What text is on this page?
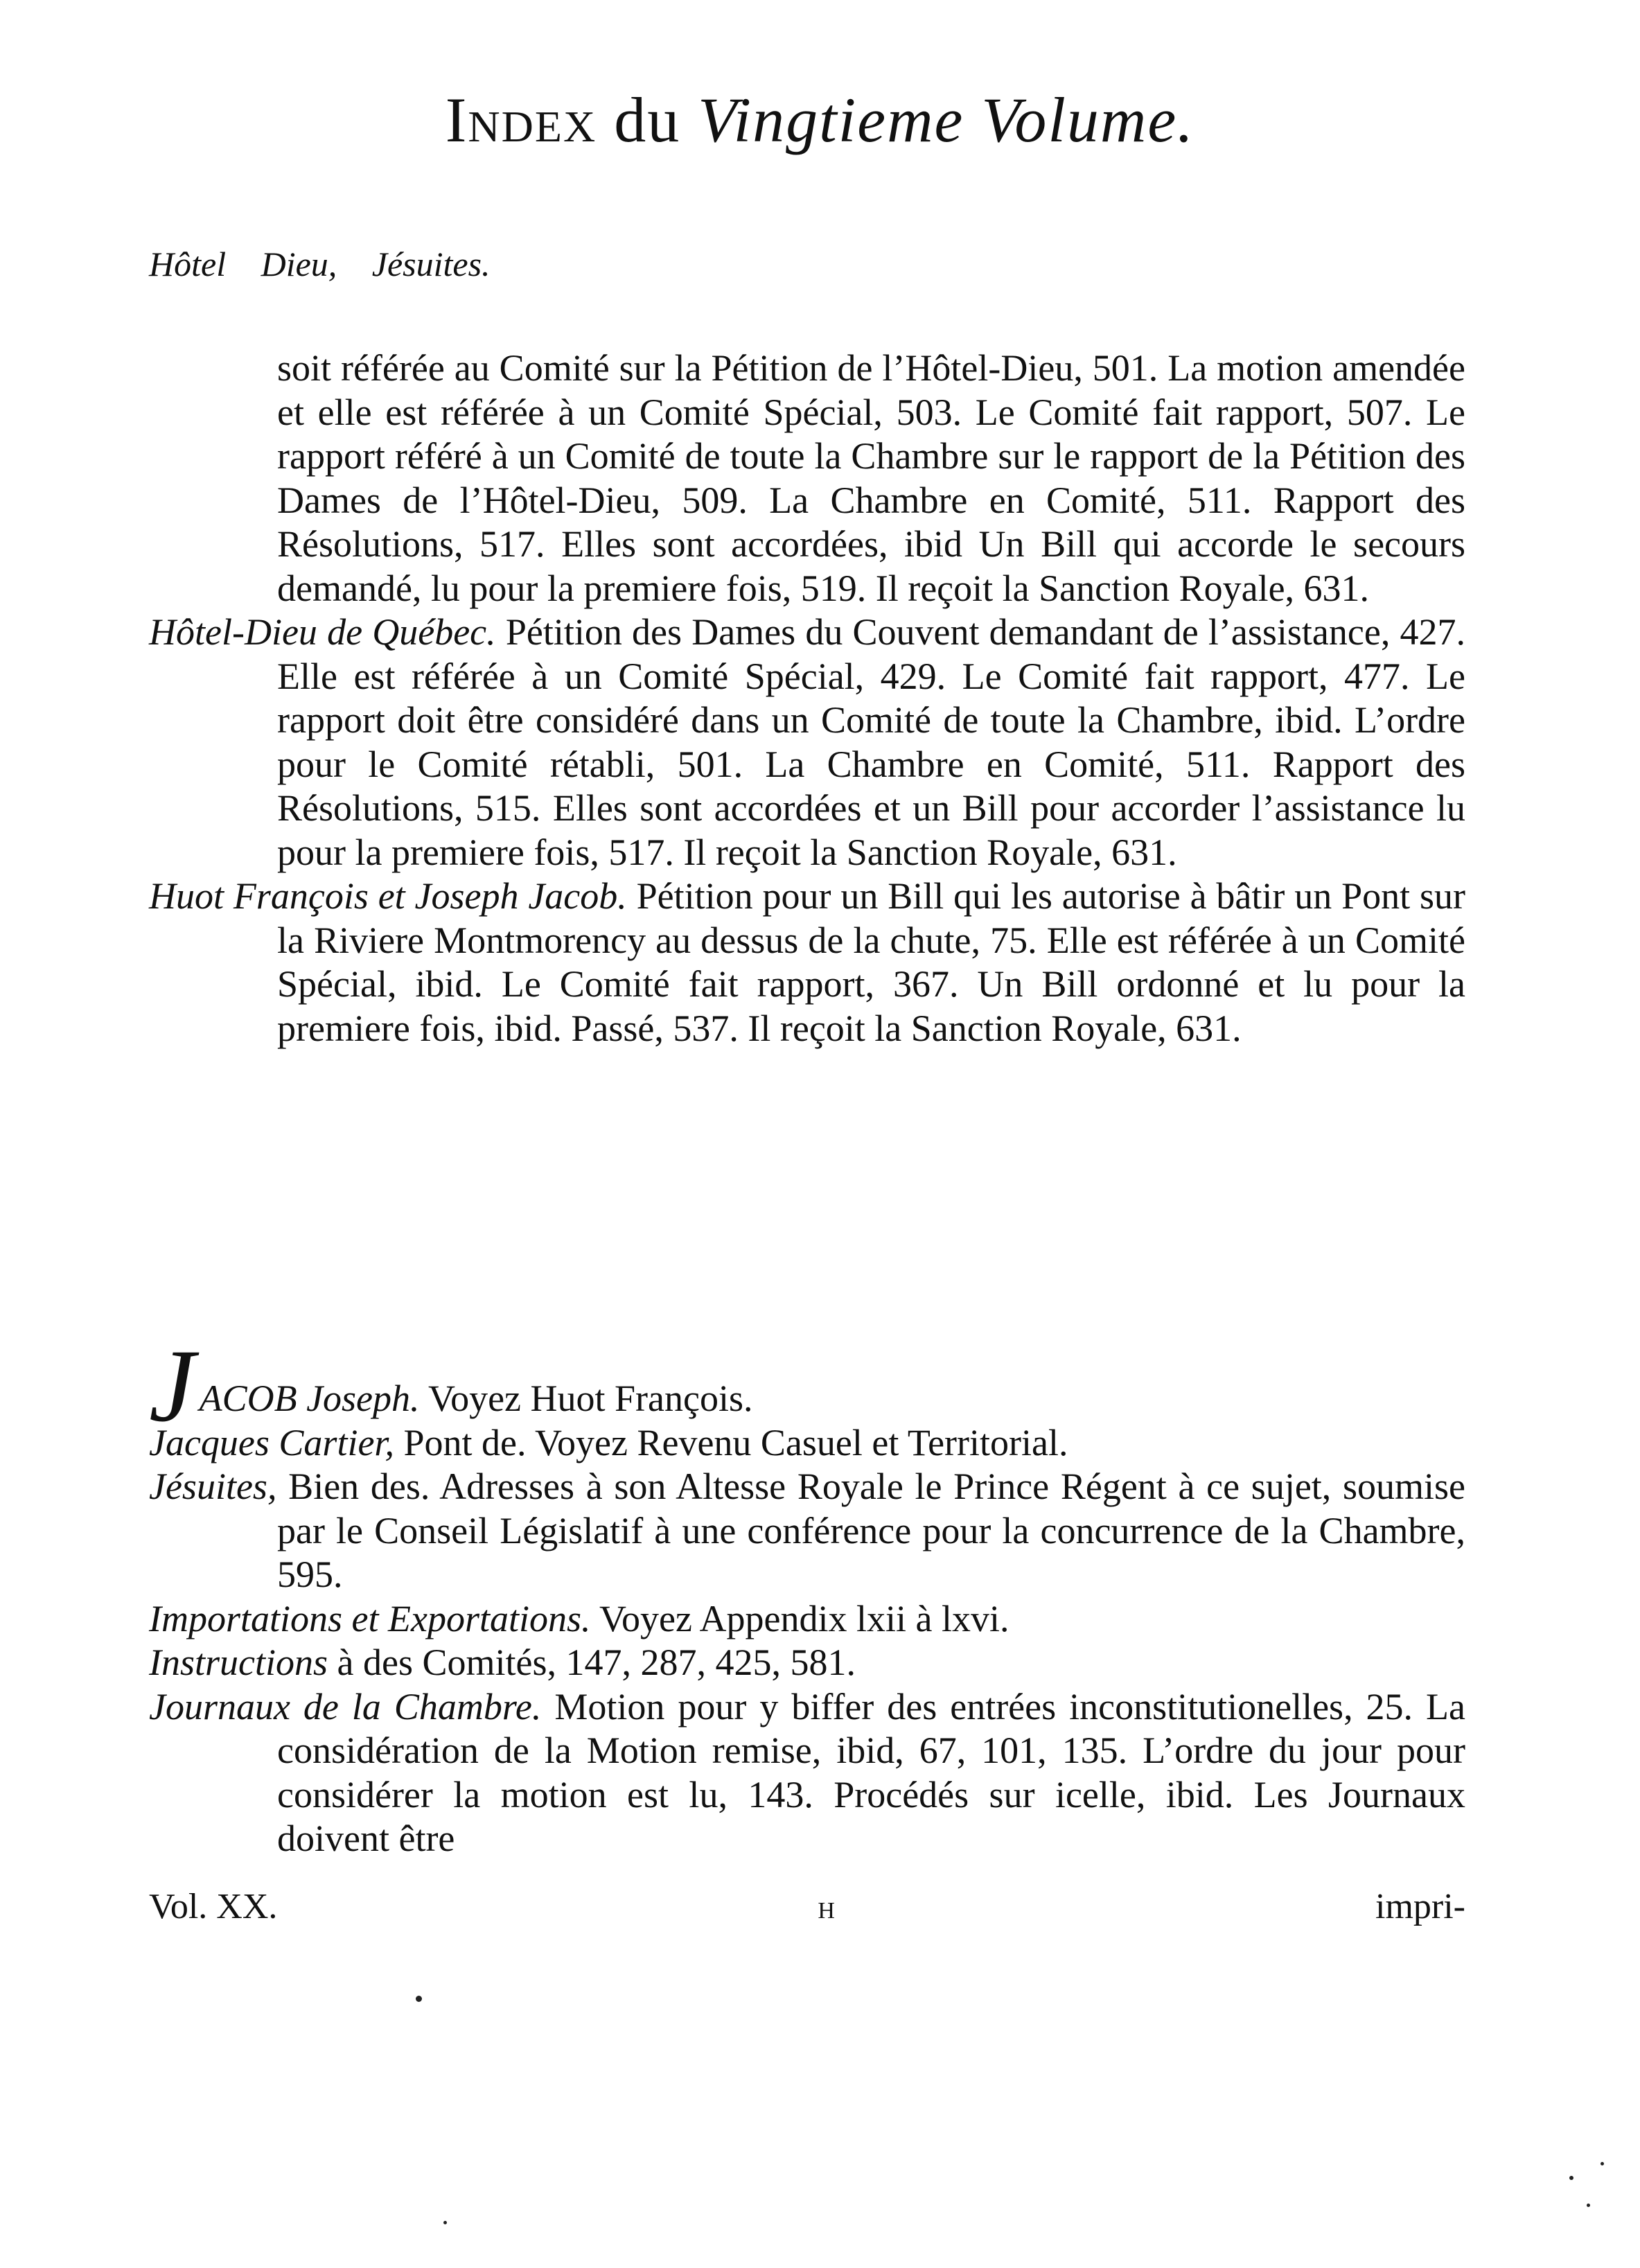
Index du Vingtieme Volume.
Hôtel Dieu, Jésuites.

soit référée au Comité sur la Pétition de l’Hôtel-Dieu, 501. La motion amendée et elle est référée à un Comité Spécial, 503. Le Comité fait rapport, 507. Le rapport référé à un Comité de toute la Chambre sur le rapport de la Pétition des Dames de l’Hôtel-Dieu, 509. La Chambre en Comité, 511. Rapport des Résolutions, 517. Elles sont accordées, ibid Un Bill qui accorde le secours demandé, lu pour la premiere fois, 519. Il reçoit la Sanction Royale, 631.

Hôtel-Dieu de Québec. Pétition des Dames du Couvent demandant de l’assistance, 427. Elle est référée à un Comité Spécial, 429. Le Comité fait rapport, 477. Le rapport doit être considéré dans un Comité de toute la Chambre, ibid. L’ordre pour le Comité rétabli, 501. La Chambre en Comité, 511. Rapport des Résolutions, 515. Elles sont accordées et un Bill pour accorder l’assistance lu pour la premiere fois, 517. Il reçoit la Sanction Royale, 631.

Huot François et Joseph Jacob. Pétition pour un Bill qui les autorise à bâtir un Pont sur la Riviere Montmorency au dessus de la chute, 75. Elle est référée à un Comité Spécial, ibid. Le Comité fait rapport, 367. Un Bill ordonné et lu pour la premiere fois, ibid. Passé, 537. Il reçoit la Sanction Royale, 631.

JACOB Joseph. Voyez Huot François.

Jacques Cartier, Pont de. Voyez Revenu Casuel et Territorial.

Jésuites, Bien des. Adresses à son Altesse Royale le Prince Régent à ce sujet, soumise par le Conseil Législatif à une conférence pour la concurrence de la Chambre, 595.

Importations et Exportations. Voyez Appendix lxii à lxvi.

Instructions à des Comités, 147, 287, 425, 581.

Journaux de la Chambre. Motion pour y biffer des entrées inconstitutionelles, 25. La considération de la Motion remise, ibid, 67, 101, 135. L’ordre du jour pour considérer la motion est lu, 143. Procédés sur icelle, ibid. Les Journaux doivent être

Vol. XX.	H	impri-
